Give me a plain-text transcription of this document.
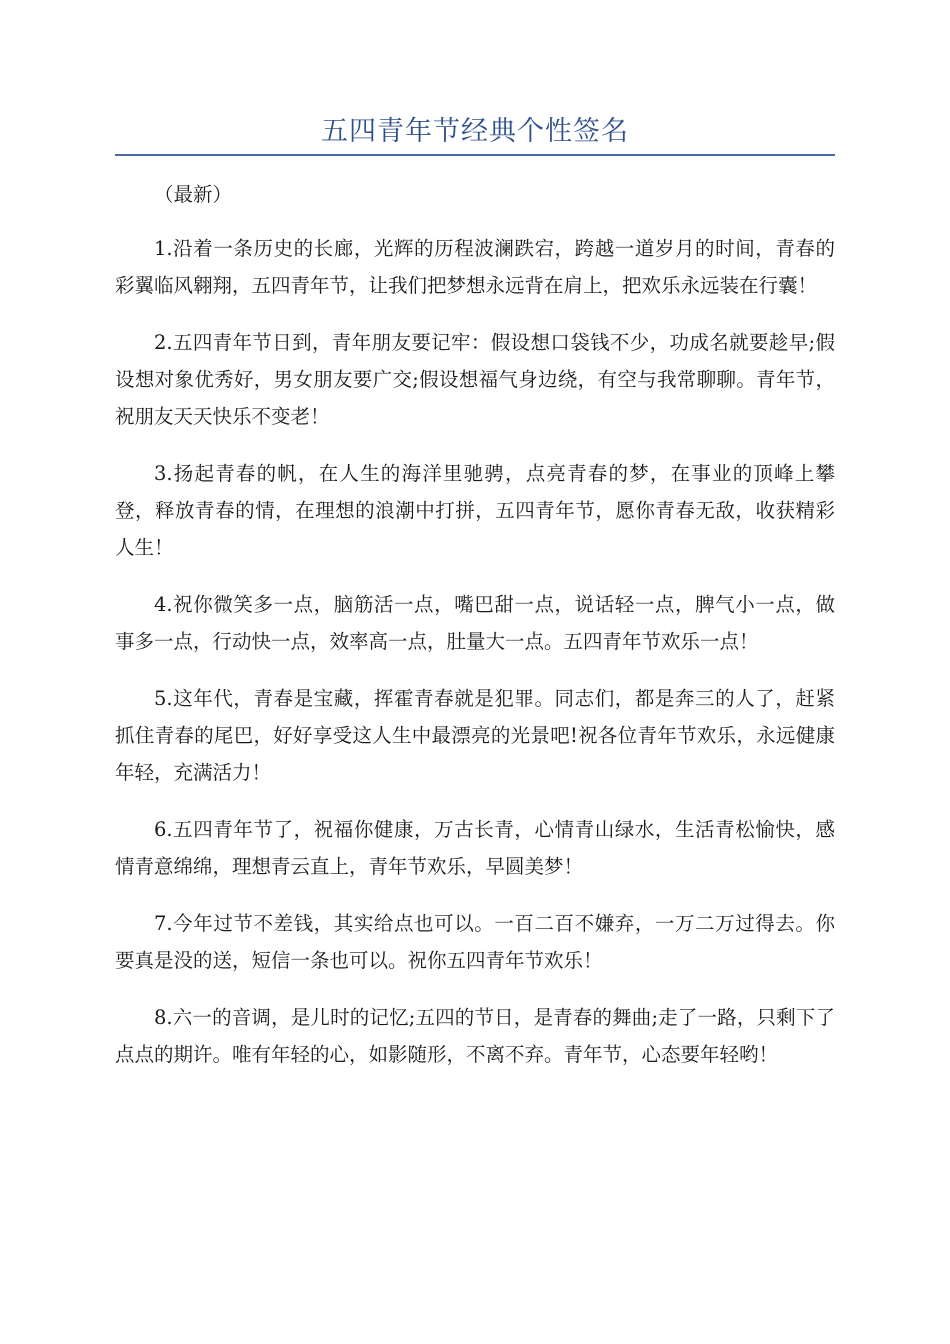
五四青年节经典个性签名

（最新）

1.沿着一条历史的长廊，光辉的历程波澜跌宕，跨越一道岁月的时间，青春的彩翼临风翱翔，五四青年节，让我们把梦想永远背在肩上，把欢乐永远装在行囊！

2.五四青年节日到，青年朋友要记牢：假设想口袋钱不少，功成名就要趁早;假设想对象优秀好，男女朋友要广交;假设想福气身边绕，有空与我常聊聊。青年节，祝朋友天天快乐不变老！

3.扬起青春的帆，在人生的海洋里驰骋，点亮青春的梦，在事业的顶峰上攀登，释放青春的情，在理想的浪潮中打拼，五四青年节，愿你青春无敌，收获精彩人生！

4.祝你微笑多一点，脑筋活一点，嘴巴甜一点，说话轻一点，脾气小一点，做事多一点，行动快一点，效率高一点，肚量大一点。五四青年节欢乐一点！

5.这年代，青春是宝藏，挥霍青春就是犯罪。同志们，都是奔三的人了，赶紧抓住青春的尾巴，好好享受这人生中最漂亮的光景吧!祝各位青年节欢乐，永远健康年轻，充满活力！

6.五四青年节了，祝福你健康，万古长青，心情青山绿水，生活青松愉快，感情青意绵绵，理想青云直上，青年节欢乐，早圆美梦！

7.今年过节不差钱，其实给点也可以。一百二百不嫌弃，一万二万过得去。你要真是没的送，短信一条也可以。祝你五四青年节欢乐！

8.六一的音调，是儿时的记忆;五四的节日，是青春的舞曲;走了一路，只剩下了点点的期许。唯有年轻的心，如影随形，不离不弃。青年节，心态要年轻哟！
